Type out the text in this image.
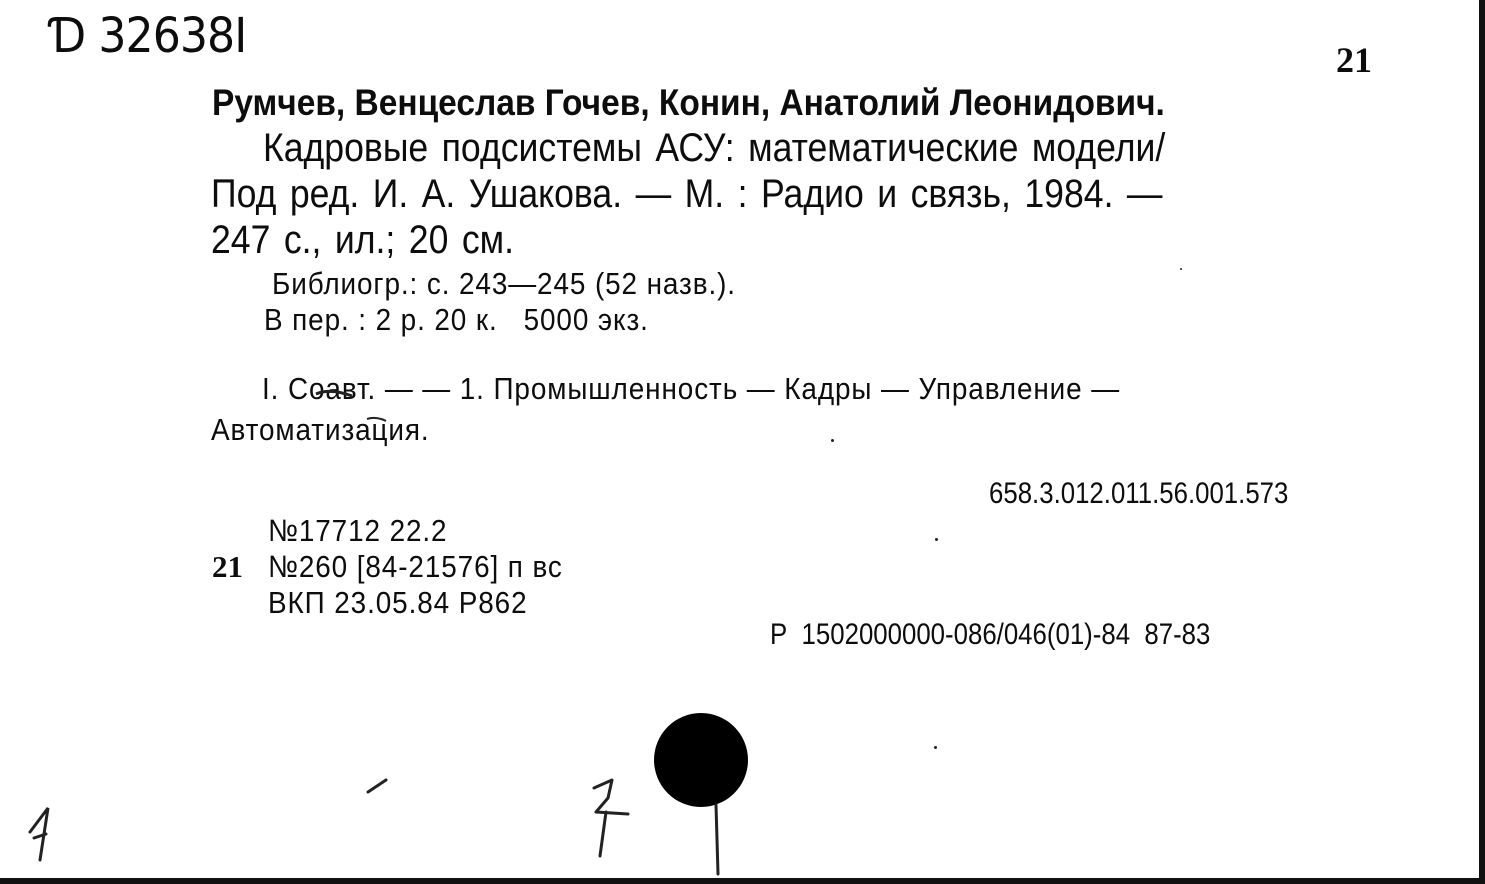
Ɗ 32638I	21
Румчев, Венцеслав Гочев, Конин, Анатолий Леонидович.
Кадровые подсистемы АСУ: математические модели/
Под ред. И. А. Ушакова. — М. : Радио и связь, 1984. —
247 с., ил.; 20 см.
Библиогр.: с. 243—245 (52 назв.).
В пер. : 2 р. 20 к.   5000 экз.
I. Соавт. — — 1. Промышленность — Кадры — Управление —
Автоматизация.
658.3.012.011.56.001.573
№17712 22.2
21 №260 [84-21576] п вс
ВКП 23.05.84 Р862
Р  1502000000-086/046(01)-84  87-83
